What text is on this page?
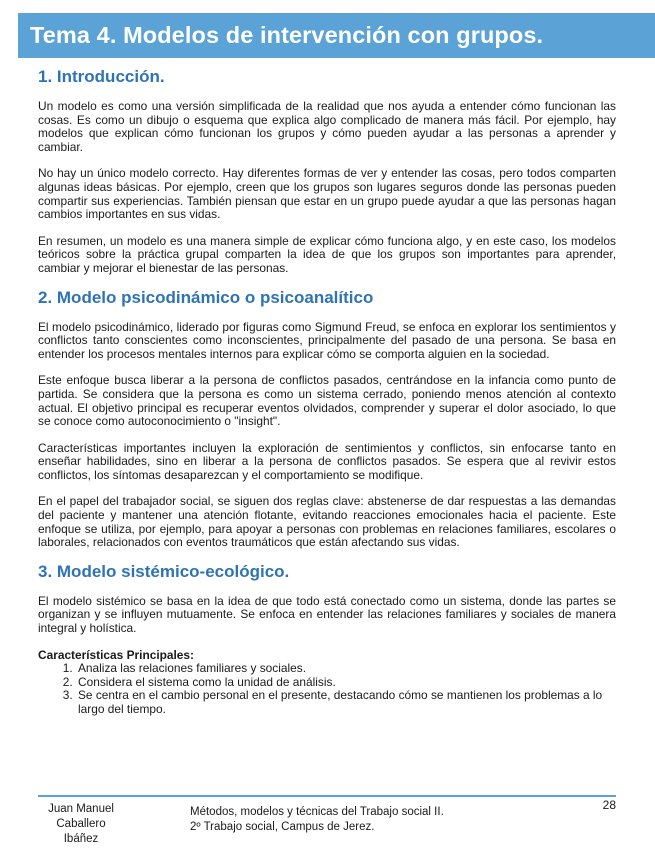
Tema 4. Modelos de intervención con grupos.
1. Introducción.

Un modelo es como una versión simplificada de la realidad que nos ayuda a entender cómo funcionan las cosas. Es como un dibujo o esquema que explica algo complicado de manera más fácil. Por ejemplo, hay modelos que explican cómo funcionan los grupos y cómo pueden ayudar a las personas a aprender y cambiar.

No hay un único modelo correcto. Hay diferentes formas de ver y entender las cosas, pero todos comparten algunas ideas básicas. Por ejemplo, creen que los grupos son lugares seguros donde las personas pueden compartir sus experiencias. También piensan que estar en un grupo puede ayudar a que las personas hagan cambios importantes en sus vidas.

En resumen, un modelo es una manera simple de explicar cómo funciona algo, y en este caso, los modelos teóricos sobre la práctica grupal comparten la idea de que los grupos son importantes para aprender, cambiar y mejorar el bienestar de las personas.

2. Modelo psicodinámico o psicoanalítico

El modelo psicodinámico, liderado por figuras como Sigmund Freud, se enfoca en explorar los sentimientos y conflictos tanto conscientes como inconscientes, principalmente del pasado de una persona. Se basa en entender los procesos mentales internos para explicar cómo se comporta alguien en la sociedad.

Este enfoque busca liberar a la persona de conflictos pasados, centrándose en la infancia como punto de partida. Se considera que la persona es como un sistema cerrado, poniendo menos atención al contexto actual. El objetivo principal es recuperar eventos olvidados, comprender y superar el dolor asociado, lo que se conoce como autoconocimiento o "insight".

Características importantes incluyen la exploración de sentimientos y conflictos, sin enfocarse tanto en enseñar habilidades, sino en liberar a la persona de conflictos pasados. Se espera que al revivir estos conflictos, los síntomas desaparezcan y el comportamiento se modifique.

En el papel del trabajador social, se siguen dos reglas clave: abstenerse de dar respuestas a las demandas del paciente y mantener una atención flotante, evitando reacciones emocionales hacia el paciente. Este enfoque se utiliza, por ejemplo, para apoyar a personas con problemas en relaciones familiares, escolares o laborales, relacionados con eventos traumáticos que están afectando sus vidas.

3. Modelo sistémico-ecológico.

El modelo sistémico se basa en la idea de que todo está conectado como un sistema, donde las partes se organizan y se influyen mutuamente. Se enfoca en entender las relaciones familiares y sociales de manera integral y holística.

Características Principales:
1. Analiza las relaciones familiares y sociales.
2. Considera el sistema como la unidad de análisis.
3. Se centra en el cambio personal en el presente, destacando cómo se mantienen los problemas a lo largo del tiempo.
Juan Manuel
Caballero
Ibáñez
Métodos, modelos y técnicas del Trabajo social II.
2º Trabajo social, Campus de Jerez.
28
